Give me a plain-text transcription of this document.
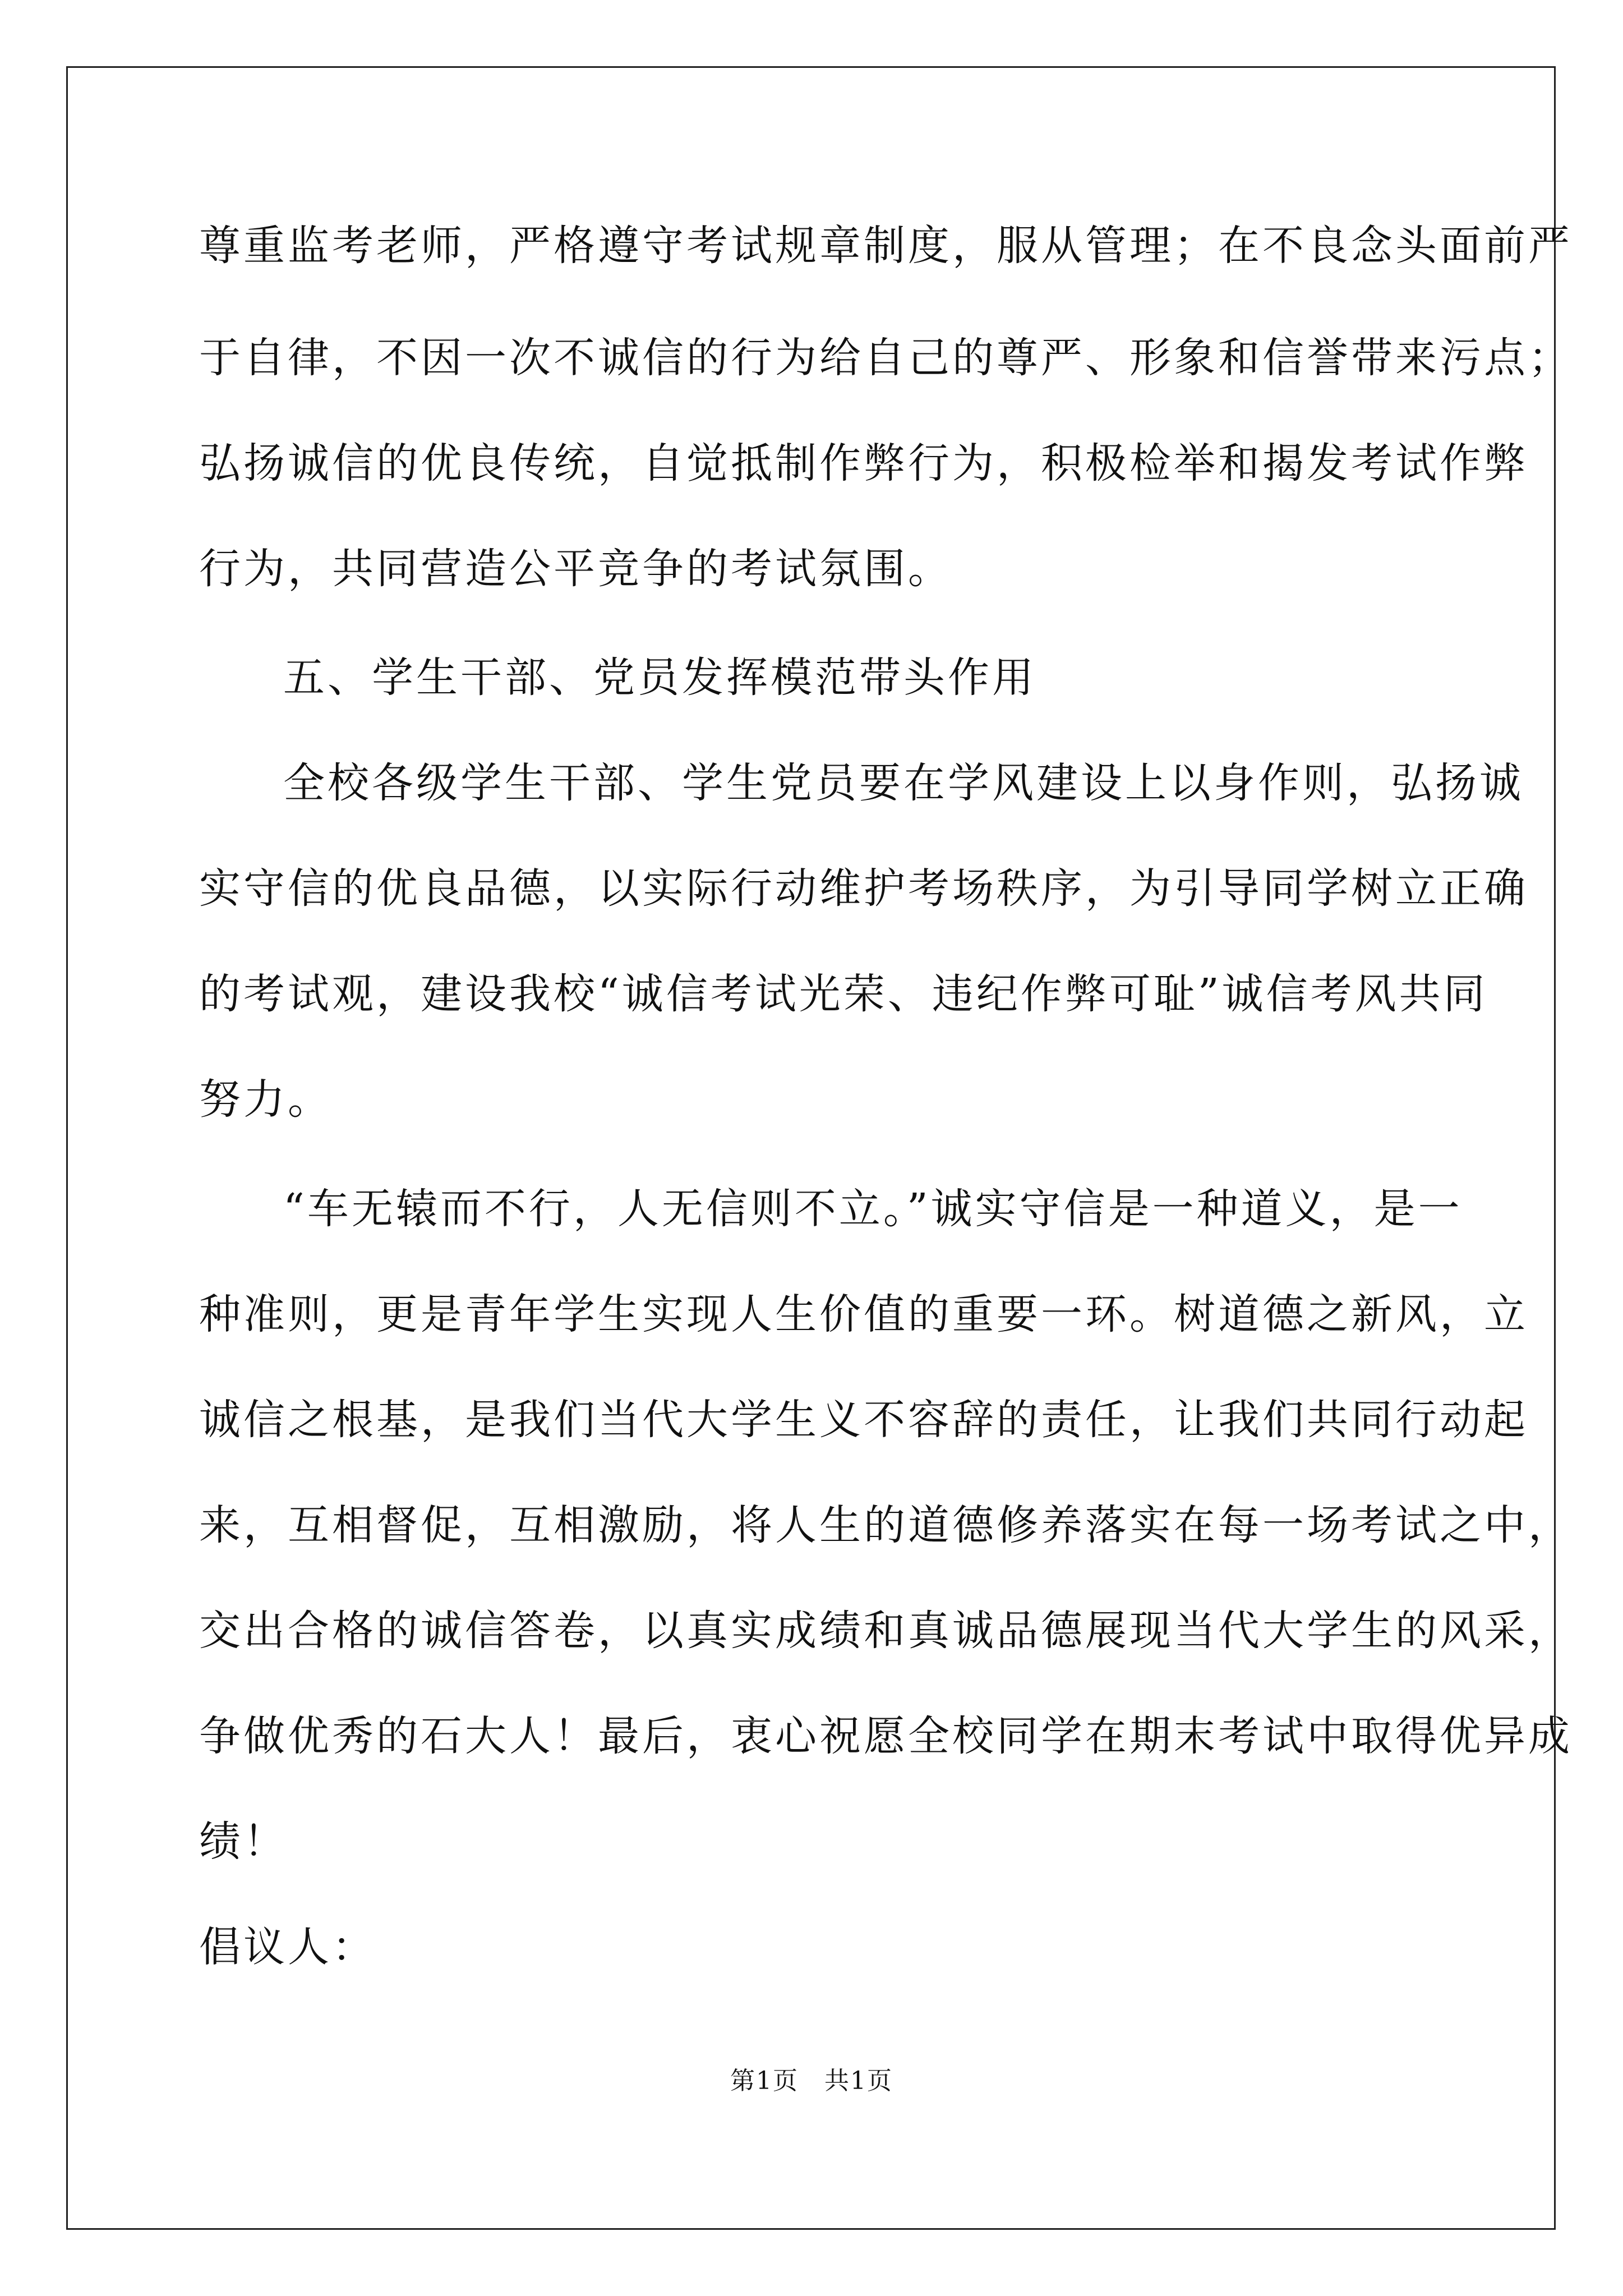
尊重监考老师，严格遵守考试规章制度，服从管理；在不良念头面前严

于自律，不因一次不诚信的行为给自己的尊严、形象和信誉带来污点；

弘扬诚信的优良传统，自觉抵制作弊行为，积极检举和揭发考试作弊

行为，共同营造公平竞争的考试氛围。

五、学生干部、党员发挥模范带头作用

全校各级学生干部、学生党员要在学风建设上以身作则，弘扬诚

实守信的优良品德，以实际行动维护考场秩序，为引导同学树立正确

的考试观，建设我校“诚信考试光荣、违纪作弊可耻”诚信考风共同

努力。

“车无辕而不行，人无信则不立。”诚实守信是一种道义，是一

种准则，更是青年学生实现人生价值的重要一环。树道德之新风，立

诚信之根基，是我们当代大学生义不容辞的责任，让我们共同行动起

来，互相督促，互相激励，将人生的道德修养落实在每一场考试之中，

交出合格的诚信答卷，以真实成绩和真诚品德展现当代大学生的风采，

争做优秀的石大人！最后，衷心祝愿全校同学在期末考试中取得优异成

绩！

倡议人：

第1页　共1页
